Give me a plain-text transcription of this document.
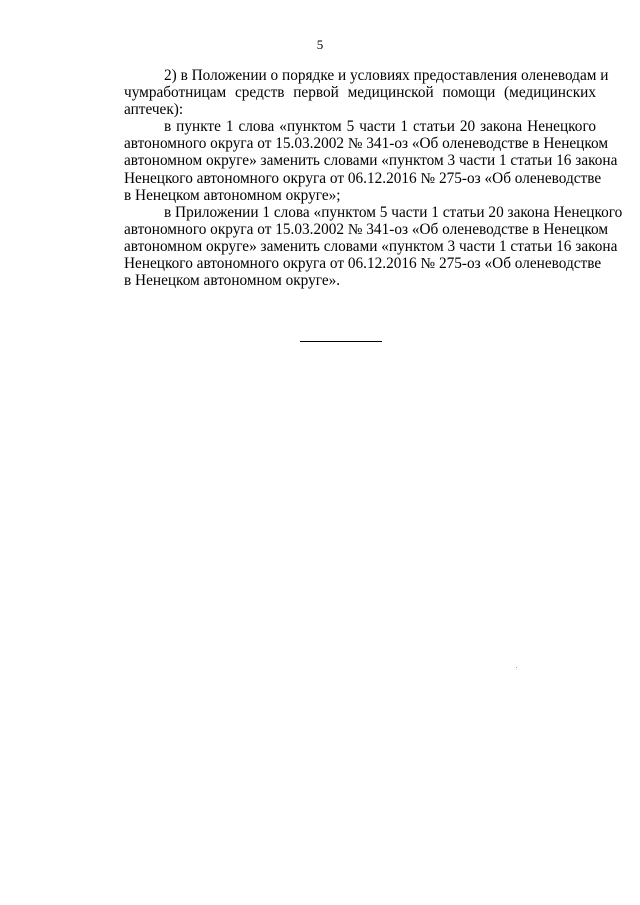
5
2) в Положении о порядке и условиях предоставления оленеводам и
чумработницам средств первой медицинской помощи (медицинских
аптечек):
в пункте 1 слова «пунктом 5 части 1 статьи 20 закона Ненецкого
автономного округа от 15.03.2002 № 341-оз «Об оленеводстве в Ненецком
автономном округе» заменить словами «пунктом 3 части 1 статьи 16 закона
Ненецкого автономного округа от 06.12.2016 № 275-оз «Об оленеводстве
в Ненецком автономном округе»;
в Приложении 1 слова «пунктом 5 части 1 статьи 20 закона Ненецкого
автономного округа от 15.03.2002 № 341-оз «Об оленеводстве в Ненецком
автономном округе» заменить словами «пунктом 3 части 1 статьи 16 закона
Ненецкого автономного округа от 06.12.2016 № 275-оз «Об оленеводстве
в Ненецком автономном округе».
